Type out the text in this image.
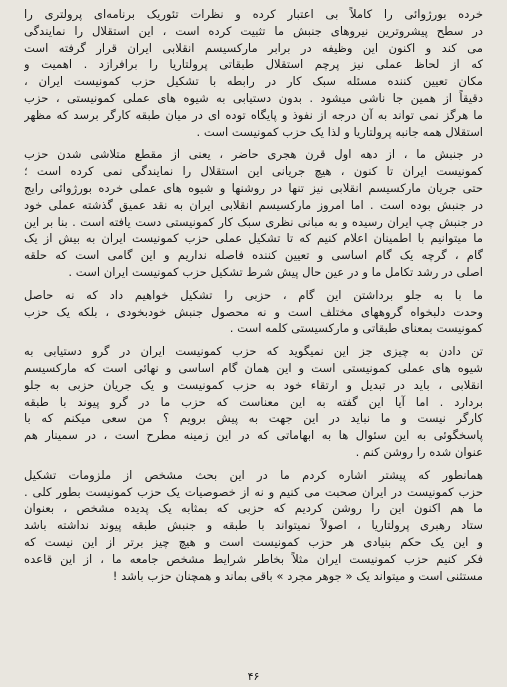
خرده بورژوائی را کاملاً بی اعتبار کرده و نظرات تئوریک برنامه‌ای پرولتری را
در سطح پیشروترین نیروهای جنبش ما تثبیت کرده است ، این استقلال را نمایندگی
می کند و اکنون این وظیفه در برابر مارکسیسم انقلابی ایران قرار گرفته است
که از لحاظ عملی نیز پرچم استقلال طبقاتی پرولتاریا را برافرازد . اهمیت و
مکان تعیین کننده مسئله سبک کار در رابطه با تشکیل حزب کمونیست ایران ،
دقیقاً از همین جا ناشی میشود . بدون دستیابی به شیوه های عملی کمونیستی ، حزب
ما هرگز نمی تواند به آن درجه از نفوذ و پایگاه توده ای در میان طبقه کارگر برسد که مظهر
استقلال همه جانبه پرولتاریا و لذا یک حزب کمونیست است .
در جنبش ما ، از دهه اول قرن هجری حاضر ، یعنی از مقطع متلاشی شدن حزب
کمونیست ایران تا کنون ، هیچ جریانی این استقلال را نمایندگی نمی کرده است ؛
حتی جریان مارکسیسم انقلابی نیز تنها در روشنها و شیوه های عملی خرده بورژوائی رایج
در جنبش بوده است . اما امروز مارکسیسم انقلابی ایران به نقد عمیق گذشته عملی خود
در جنبش چپ ایران رسیده و به مبانی نظری سبک کار کمونیستی دست یافته است . بنا بر این
ما میتوانیم با اطمینان اعلام کنیم که تا تشکیل عملی حزب کمونیست ایران به بیش از یک
گام ، گرچه یک گام اساسی و تعیین کننده فاصله نداریم و این گامی است که حلقه
اصلی در رشد تکامل ما و در عین حال پیش شرط تشکیل حزب کمونیست ایران است .
ما با به جلو برداشتن این گام ، حزبی را تشکیل خواهیم داد که نه حاصل
وحدت دلبخواه گروههای مختلف است و نه محصول جنبش خودبخودی ، بلکه یک حزب
کمونیست بمعنای طبقاتی و مارکسیستی کلمه است .
تن دادن به چیزی جز این نمیگوید که حزب کمونیست ایران در گرو دستیابی به
شیوه های عملی کمونیستی است و این همان گام اساسی و نهائی است که مارکسیسم
انقلابی ، باید در تبدیل و ارتقاء خود به حزب کمونیست و یک جریان حزبی به جلو
بردارد . اما آیا این گفته به این معناست که حزب ما در گرو پیوند با طبقه
کارگر نیست و ما نباید در این جهت به پیش برویم ؟ من سعی میکنم که با
پاسخگوئی به این سئوال ها به ابهاماتی که در این زمینه مطرح است ، در سمینار هم
عنوان شده را روشن کنم .
همانطور که پیشتر اشاره کردم ما در این بحث مشخص از ملزومات تشکیل
حزب کمونیست در ایران صحبت می کنیم و نه از خصوصیات یک حزب کمونیست بطور کلی .
ما هم اکنون این را روشن کردیم که حزبی که بمثابه یک پدیده مشخص ، بعنوان
ستاد رهبری پرولتاریا ، اصولاً نمیتواند با طبقه و جنبش طبقه پیوند نداشته باشد
و این یک حکم بنیادی هر حزب کمونیست است و هیچ چیز برتر از این نیست که
فکر کنیم حزب کمونیست ایران مثلاً بخاطر شرایط مشخص جامعه ما ، از این قاعده
مستثنی است و میتواند یک « جوهر مجرد » باقی بماند و همچنان حزب باشد !
۴۶
